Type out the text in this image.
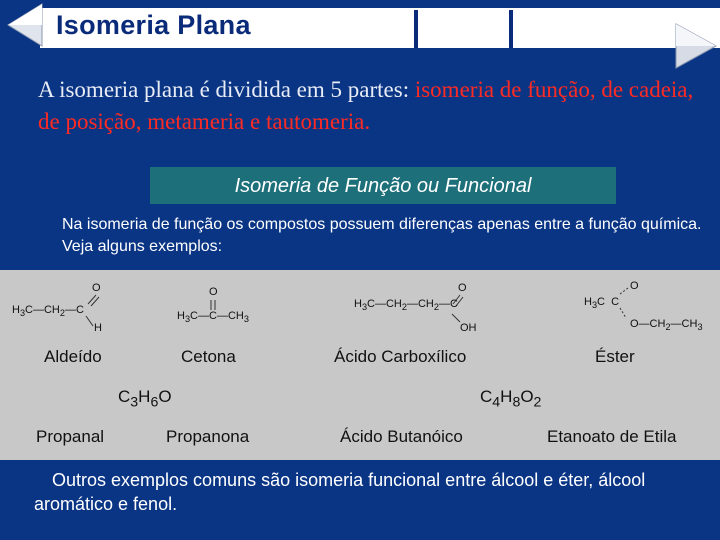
Isomeria Plana
A isomeria plana é dividida em 5 partes: isomeria de função, de cadeia, de posição, metameria e tautomeria.
Isomeria de Função ou Funcional
Na isomeria de função os compostos possuem diferenças apenas entre a função química. Veja alguns exemplos:
O
$H_3C—CH_2—C$
H
O
$H_3C—C—CH_3$
O
$H_3C—CH_2—CH_2—C$
OH
O
$H_3C$ C
$O—CH_2—CH_3$
Aldeído	Cetona	Ácido Carboxílico	Éster
$C_3H_6O$	$C_4H_8O_2$
Propanal	Propanona	Ácido Butanóico	Etanoato de Etila
Outros exemplos comuns são isomeria funcional entre álcool e éter, álcool aromático e fenol.
